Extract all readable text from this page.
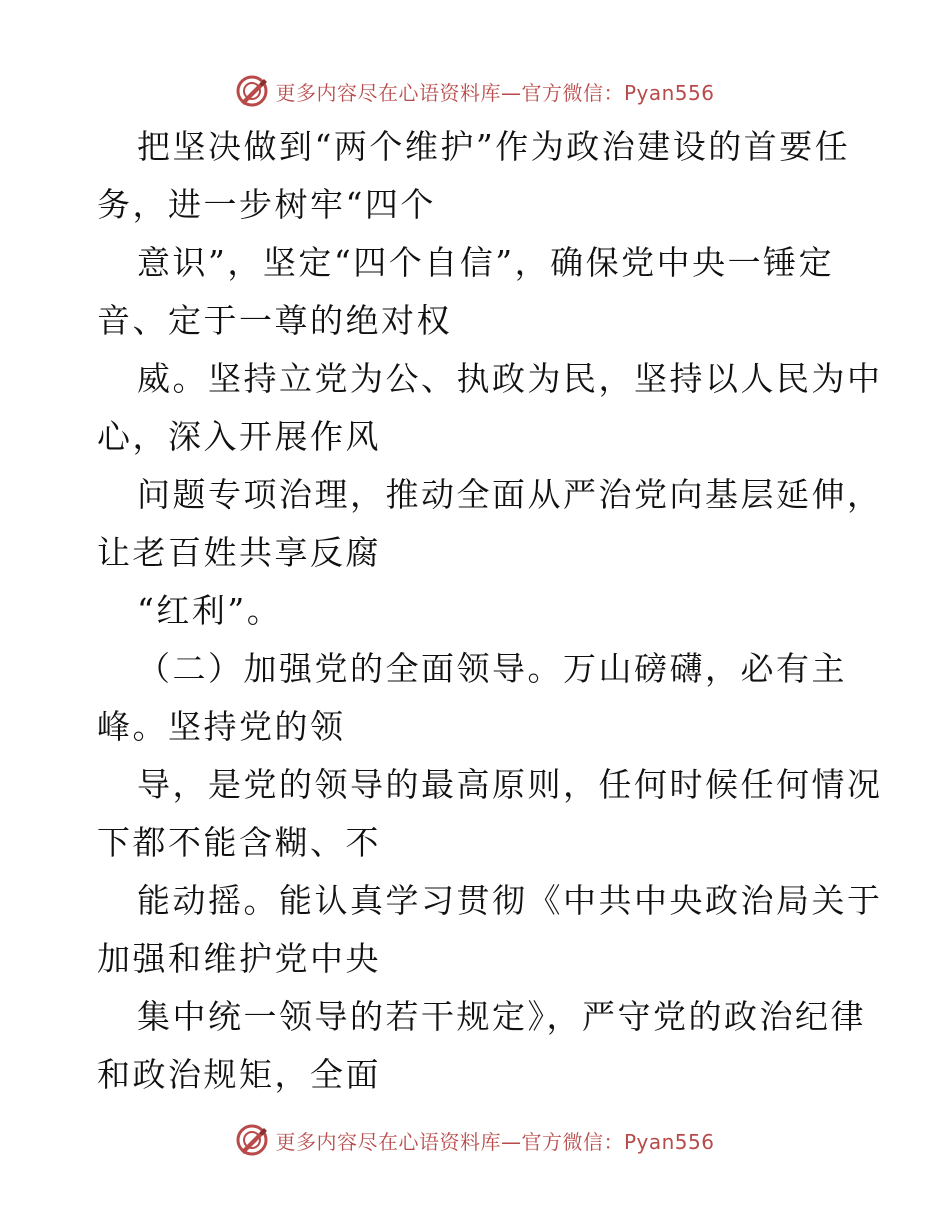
更多内容尽在心语资料库—官方微信：Pyan556
把坚决做到“两个维护”作为政治建设的首要任
务，进一步树牢“四个
意识”，坚定“四个自信”，确保党中央一锤定
音、定于一尊的绝对权
威。坚持立党为公、执政为民，坚持以人民为中
心，深入开展作风
问题专项治理，推动全面从严治党向基层延伸，
让老百姓共享反腐
“红利”。
（二）加强党的全面领导。万山磅礴，必有主
峰。坚持党的领
导，是党的领导的最高原则，任何时候任何情况
下都不能含糊、不
能动摇。能认真学习贯彻《中共中央政治局关于
加强和维护党中央
集中统一领导的若干规定》，严守党的政治纪律
和政治规矩，全面
更多内容尽在心语资料库—官方微信：Pyan556
